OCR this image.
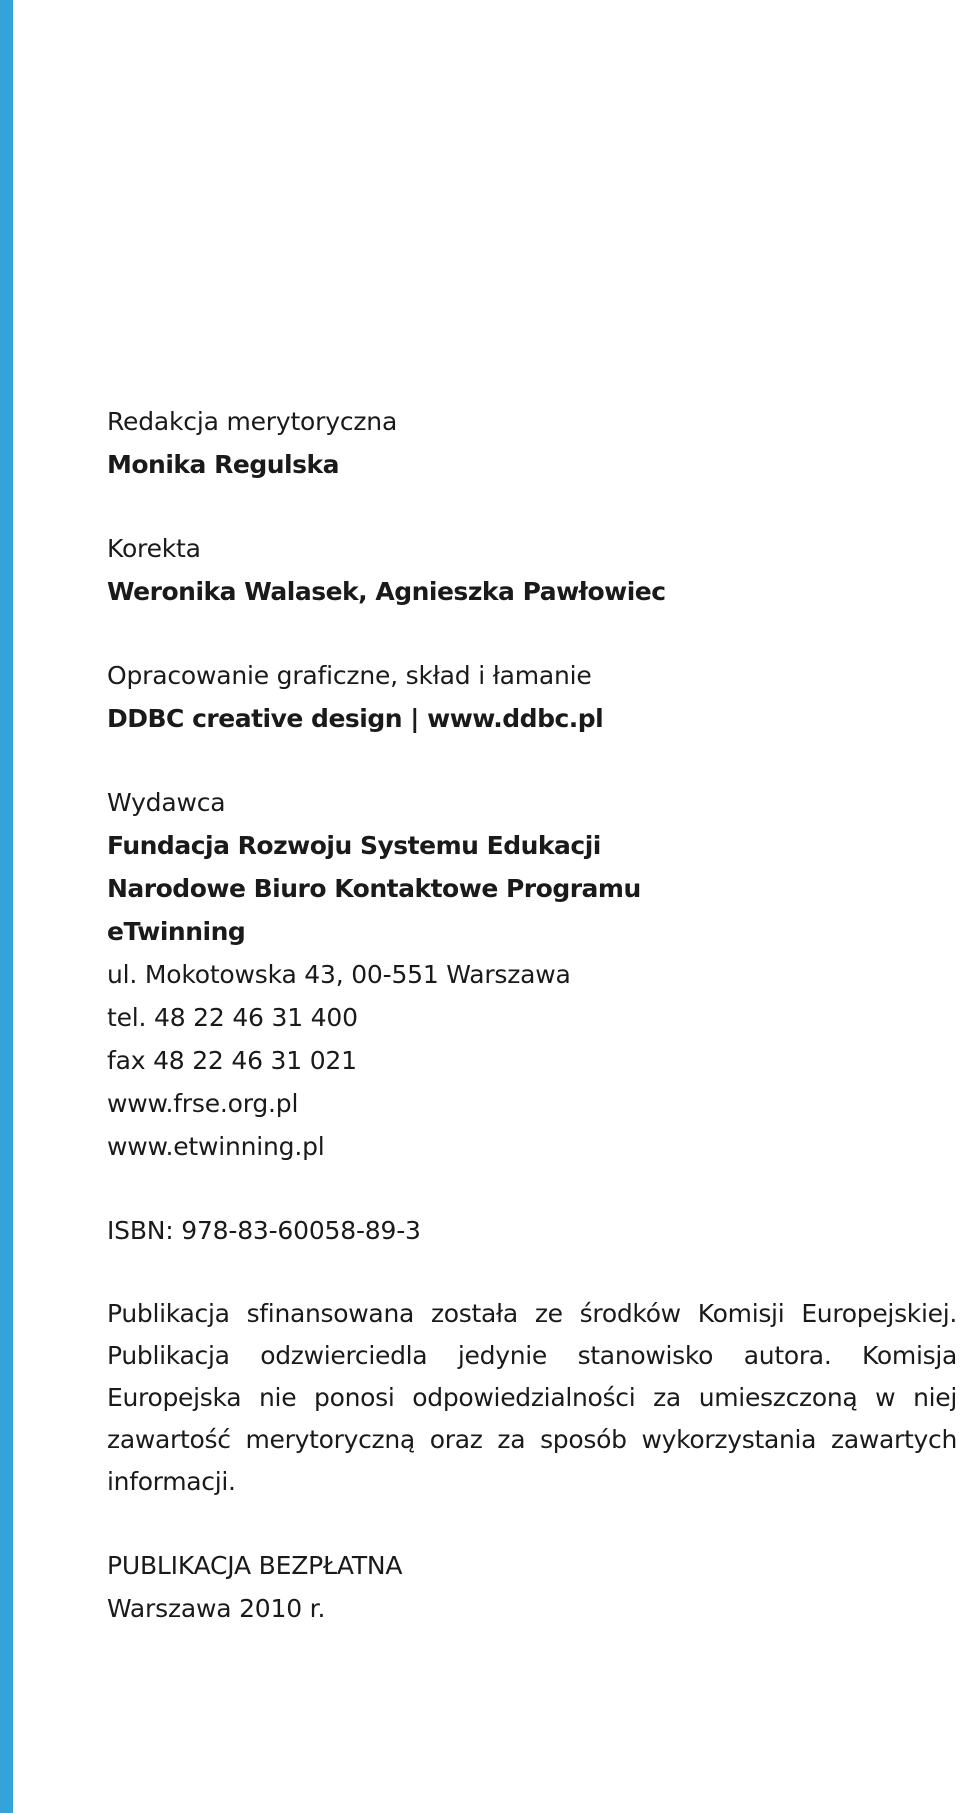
Redakcja merytoryczna
Monika Regulska
Korekta
Weronika Walasek, Agnieszka Pawłowiec
Opracowanie graficzne, skład i łamanie
DDBC creative design | www.ddbc.pl
Wydawca
Fundacja Rozwoju Systemu Edukacji
Narodowe Biuro Kontaktowe Programu
eTwinning
ul. Mokotowska 43, 00-551 Warszawa
tel. 48 22 46 31 400
fax 48 22 46 31 021
www.frse.org.pl
www.etwinning.pl
ISBN: 978-83-60058-89-3
Publikacja sfinansowana została ze środków Komisji Europejskiej. Publikacja odzwierciedla jedynie stanowisko autora. Komisja Europejska nie ponosi odpowiedzialności za umieszczoną w niej zawartość merytoryczną oraz za sposób wykorzystania zawartych informacji.
PUBLIKACJA BEZPŁATNA
Warszawa 2010 r.
